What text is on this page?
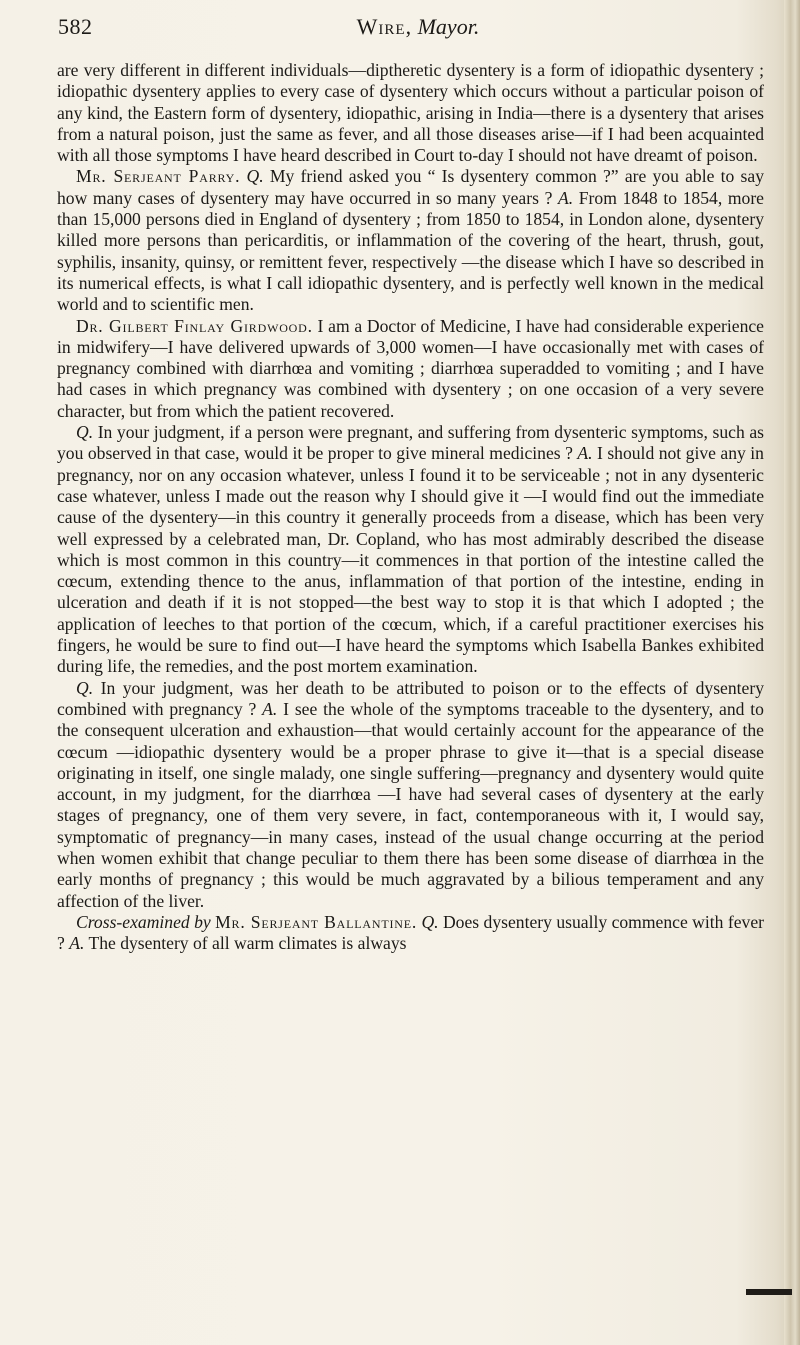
582	Wire, Mayor.

are very different in different individuals—diptheretic dysentery is a form of idiopathic dysentery ; idiopathic dysentery applies to every case of dysentery which occurs without a particular poison of any kind, the Eastern form of dysentery, idiopathic, arising in India—there is a dysentery that arises from a natural poison, just the same as fever, and all those diseases arise—if I had been acquainted with all those symptoms I have heard described in Court to-day I should not have dreamt of poison.

Mr. Serjeant Parry. Q. My friend asked you “ Is dysentery common ?” are you able to say how many cases of dysentery may have occurred in so many years ? A. From 1848 to 1854, more than 15,000 persons died in England of dysentery ; from 1850 to 1854, in London alone, dysentery killed more persons than pericarditis, or inflammation of the covering of the heart, thrush, gout, syphilis, insanity, quinsy, or remittent fever, respectively —the disease which I have so described in its numerical effects, is what I call idiopathic dysentery, and is perfectly well known in the medical world and to scientific men.

Dr. Gilbert Finlay Girdwood. I am a Doctor of Medicine, I have had considerable experience in midwifery—I have delivered upwards of 3,000 women—I have occasionally met with cases of pregnancy combined with diarrhœa and vomiting ; diarrhœa superadded to vomiting ; and I have had cases in which pregnancy was combined with dysentery ; on one occasion of a very severe character, but from which the patient recovered.

Q. In your judgment, if a person were pregnant, and suffering from dysenteric symptoms, such as you observed in that case, would it be proper to give mineral medicines ? A. I should not give any in pregnancy, nor on any occasion whatever, unless I found it to be serviceable ; not in any dysenteric case whatever, unless I made out the reason why I should give it —I would find out the immediate cause of the dysentery—in this country it generally proceeds from a disease, which has been very well expressed by a celebrated man, Dr. Copland, who has most admirably described the disease which is most common in this country—it commences in that portion of the intestine called the cœcum, extending thence to the anus, inflammation of that portion of the intestine, ending in ulceration and death if it is not stopped—the best way to stop it is that which I adopted ; the application of leeches to that portion of the cœcum, which, if a careful practitioner exercises his fingers, he would be sure to find out—I have heard the symptoms which Isabella Bankes exhibited during life, the remedies, and the post mortem examination.

Q. In your judgment, was her death to be attributed to poison or to the effects of dysentery combined with pregnancy ? A. I see the whole of the symptoms traceable to the dysentery, and to the consequent ulceration and exhaustion—that would certainly account for the appearance of the cœcum —idiopathic dysentery would be a proper phrase to give it—that is a special disease originating in itself, one single malady, one single suffering—pregnancy and dysentery would quite account, in my judgment, for the diarrhœa —I have had several cases of dysentery at the early stages of pregnancy, one of them very severe, in fact, contemporaneous with it, I would say, symptomatic of pregnancy—in many cases, instead of the usual change occurring at the period when women exhibit that change peculiar to them there has been some disease of diarrhœa in the early months of pregnancy ; this would be much aggravated by a bilious temperament and any affection of the liver.

Cross-examined by Mr. Serjeant Ballantine. Q. Does dysentery usually commence with fever ? A. The dysentery of all warm climates is always
